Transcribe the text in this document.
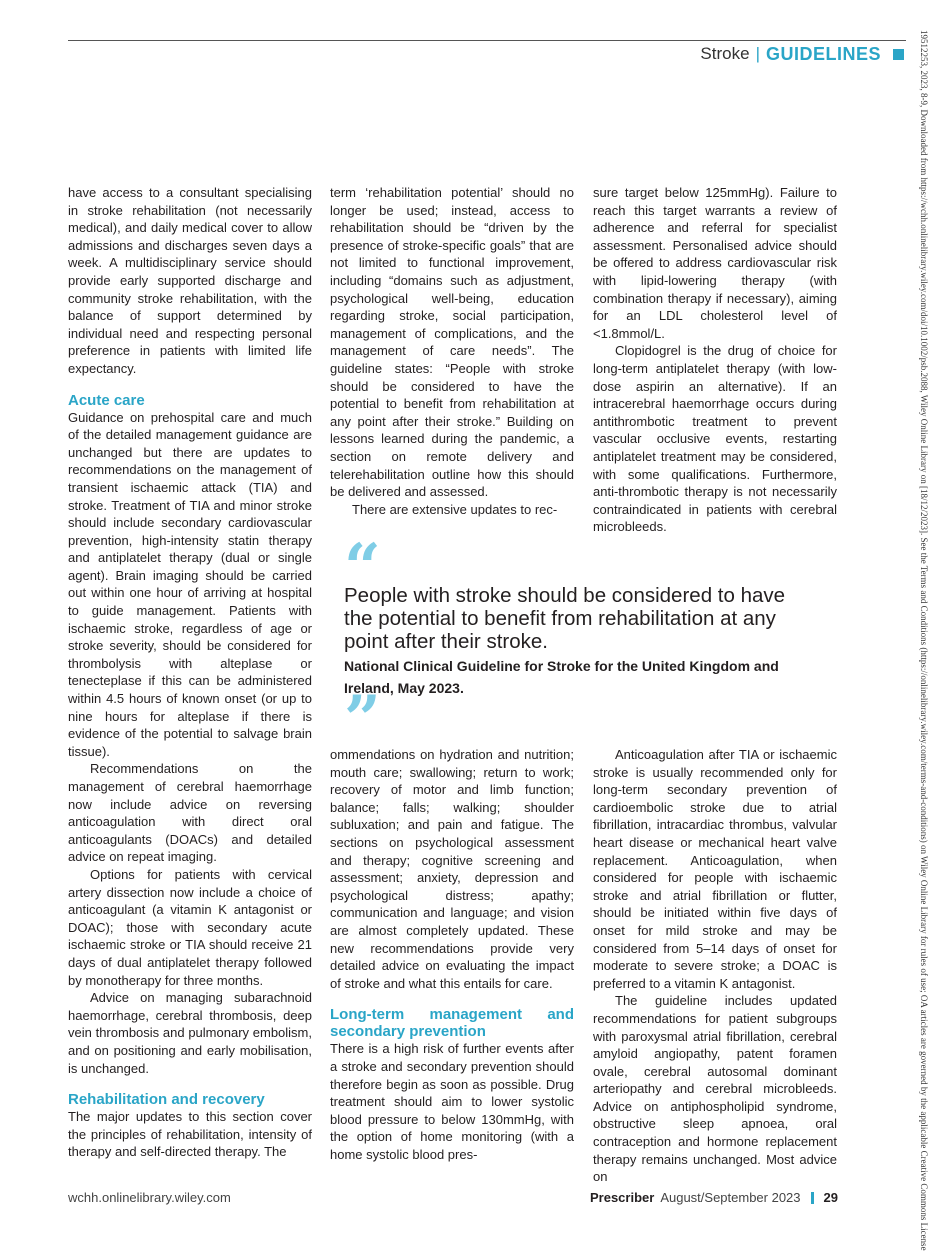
Stroke | GUIDELINES	19512253, 2023, 8-9, Downloaded from https://wchh.onlinelibrary.wiley.com/doi/10.1002/psb.2088, Wiley Online Library on [18/12/2023]. See the Terms and Conditions (https://onlinelibrary.wiley.com/terms-and-conditions) on Wiley Online Library for rules of use; OA articles are governed by the applicable Creative Commons License

have access to a consultant specialising in stroke rehabilitation (not necessarily medical), and daily medical cover to allow admissions and discharges seven days a week. A multidisciplinary service should provide early supported discharge and community stroke rehabilitation, with the balance of support determined by individual need and respecting personal preference in patients with limited life expectancy.

Acute care

Guidance on prehospital care and much of the detailed management guidance are unchanged but there are updates to recommendations on the management of transient ischaemic attack (TIA) and stroke. Treatment of TIA and minor stroke should include secondary cardiovascular prevention, high-intensity statin therapy and antiplatelet therapy (dual or single agent). Brain imaging should be carried out within one hour of arriving at hospital to guide management. Patients with ischaemic stroke, regardless of age or stroke severity, should be considered for thrombolysis with alteplase or tenecteplase if this can be administered within 4.5 hours of known onset (or up to nine hours for alteplase if there is evidence of the potential to salvage brain tissue).

Recommendations on the management of cerebral haemorrhage now include advice on reversing anticoagulation with direct oral anticoagulants (DOACs) and detailed advice on repeat imaging.

Options for patients with cervical artery dissection now include a choice of anticoagulant (a vitamin K antagonist or DOAC); those with secondary acute ischaemic stroke or TIA should receive 21 days of dual antiplatelet therapy followed by monotherapy for three months.

Advice on managing subarachnoid haemorrhage, cerebral thrombosis, deep vein thrombosis and pulmonary embolism, and on positioning and early mobilisation, is unchanged.

Rehabilitation and recovery

The major updates to this section cover the principles of rehabilitation, intensity of therapy and self-directed therapy. The

term ‘rehabilitation potential’ should no longer be used; instead, access to rehabilitation should be “driven by the presence of stroke-specific goals” that are not limited to functional improvement, including “domains such as adjustment, psychological well-being, education regarding stroke, social participation, management of complications, and the management of care needs”. The guideline states: “People with stroke should be considered to have the potential to benefit from rehabilitation at any point after their stroke.” Building on lessons learned during the pandemic, a section on remote delivery and telerehabilitation outline how this should be delivered and assessed.

There are extensive updates to rec-

sure target below 125mmHg). Failure to reach this target warrants a review of adherence and referral for specialist assessment. Personalised advice should be offered to address cardiovascular risk with lipid-lowering therapy (with combination therapy if necessary), aiming for an LDL cholesterol level of <1.8mmol/L.

Clopidogrel is the drug of choice for long-term antiplatelet therapy (with low-dose aspirin an alternative). If an intracerebral haemorrhage occurs during antithrombotic treatment to prevent vascular occlusive events, restarting antiplatelet treatment may be considered, with some qualifications. Furthermore, anti-thrombotic therapy is not necessarily contraindicated in patients with cerebral microbleeds.

“
People with stroke should be considered to have the potential to benefit from rehabilitation at any point after their stroke.
National Clinical Guideline for Stroke for the United Kingdom and Ireland, May 2023.
”

ommendations on hydration and nutrition; mouth care; swallowing; return to work; recovery of motor and limb function; balance; falls; walking; shoulder subluxation; and pain and fatigue. The sections on psychological assessment and therapy; cognitive screening and assessment; anxiety, depression and psychological distress; apathy; communication and language; and vision are almost completely updated. These new recommendations provide very detailed advice on evaluating the impact of stroke and what this entails for care.

Long-term management and secondary prevention

There is a high risk of further events after a stroke and secondary prevention should therefore begin as soon as possible. Drug treatment should aim to lower systolic blood pressure to below 130mmHg, with the option of home monitoring (with a home systolic blood pres-

Anticoagulation after TIA or ischaemic stroke is usually recommended only for long-term secondary prevention of cardioembolic stroke due to atrial fibrillation, intracardiac thrombus, valvular heart disease or mechanical heart valve replacement. Anticoagulation, when considered for people with ischaemic stroke and atrial fibrillation or flutter, should be initiated within five days of onset for mild stroke and may be considered from 5–14 days of onset for moderate to severe stroke; a DOAC is preferred to a vitamin K antagonist.

The guideline includes updated recommendations for patient subgroups with paroxysmal atrial fibrillation, cerebral amyloid angiopathy, patent foramen ovale, cerebral autosomal dominant arteriopathy and cerebral microbleeds. Advice on antiphospholipid syndrome, obstructive sleep apnoea, oral contraception and hormone replacement therapy remains unchanged. Most advice on

wchh.onlinelibrary.wiley.com	Prescriber August/September 2023 29
